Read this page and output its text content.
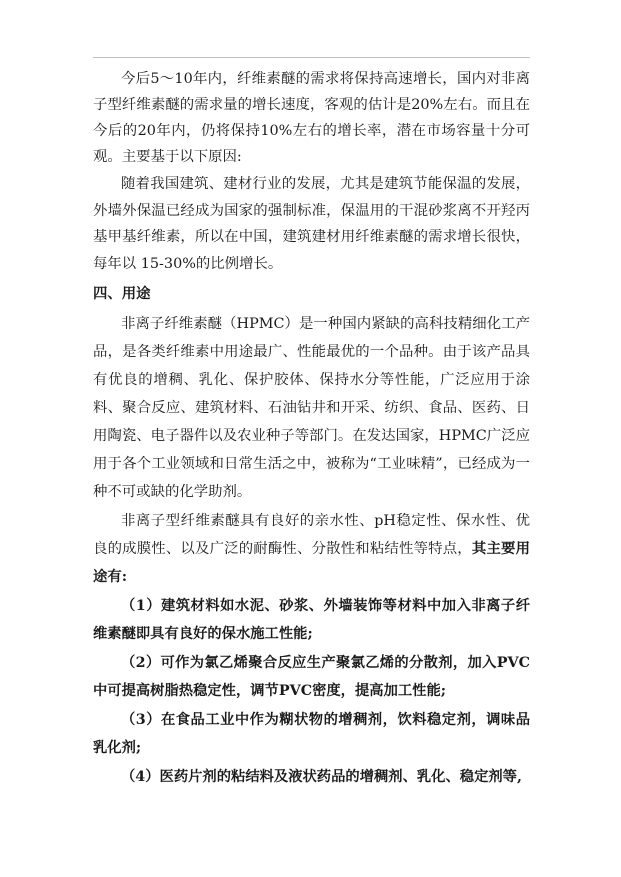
今后5～10年内，纤维素醚的需求将保持高速增长，国内对非离子型纤维素醚的需求量的增长速度，客观的估计是20%左右。而且在今后的20年内，仍将保持10%左右的增长率，潜在市场容量十分可观。主要基于以下原因:

随着我国建筑、建材行业的发展，尤其是建筑节能保温的发展，外墙外保温已经成为国家的强制标准，保温用的干混砂浆离不开羟丙基甲基纤维素，所以在中国，建筑建材用纤维素醚的需求增长很快，每年以 15-30%的比例增长。

四、用途

非离子纤维素醚（HPMC）是一种国内紧缺的高科技精细化工产品，是各类纤维素中用途最广、性能最优的一个品种。由于该产品具有优良的增稠、乳化、保护胶体、保持水分等性能，广泛应用于涂料、聚合反应、建筑材料、石油钻井和开采、纺织、食品、医药、日用陶瓷、电子器件以及农业种子等部门。在发达国家，HPMC广泛应用于各个工业领域和日常生活之中，被称为“工业味精”，已经成为一种不可或缺的化学助剂。

非离子型纤维素醚具有良好的亲水性、pH稳定性、保水性、优良的成膜性、以及广泛的耐酶性、分散性和粘结性等特点，其主要用途有:

（1）建筑材料如水泥、砂浆、外墙装饰等材料中加入非离子纤维素醚即具有良好的保水施工性能;

（2）可作为氯乙烯聚合反应生产聚氯乙烯的分散剂，加入PVC中可提高树脂热稳定性，调节PVC密度，提高加工性能;

（3）在食品工业中作为糊状物的增稠剂，饮料稳定剂，调味品乳化剂;

（4）医药片剂的粘结料及液状药品的增稠剂、乳化、稳定剂等,
